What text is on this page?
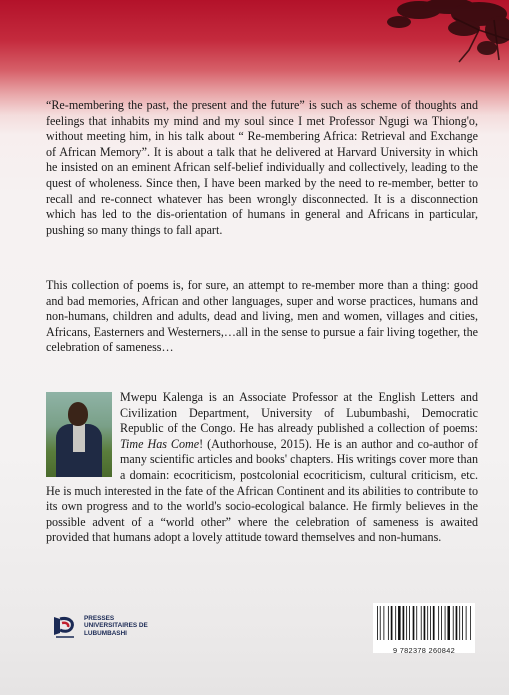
“Re-membering the past, the present and the future” is such as scheme of thoughts and feelings that inhabits my mind and my soul since I met Professor Ngugi wa Thiong'o, without meeting him, in his talk about “ Re-membering Africa: Retrieval and Exchange of African Memory”. It is about a talk that he delivered at Harvard University in which he insisted on an eminent African self-belief individually and collectively, leading to the quest of wholeness. Since then, I have been marked by the need to re-member, better to recall and re-connect whatever has been wrongly disconnected. It is a disconnection which has led to the dis-orientation of humans in general and Africans in particular, pushing so many things to fall apart.

This collection of poems is, for sure, an attempt to re-member more than a thing: good and bad memories, African and other languages, super and worse practices, humans and non-humans, children and adults, dead and living, men and women, villages and cities, Africans, Easterners and Westerners,…all in the sense to pursue a fair living together, the celebration of sameness…

Mwepu Kalenga is an Associate Professor at the English Letters and Civilization Department, University of Lubumbashi, Democratic Republic of the Congo. He has already published a collection of poems: Time Has Come! (Authorhouse, 2015). He is an author and co-author of many scientific articles and books' chapters. His writings cover more than a domain: ecocriticism, postcolonial ecocriticism, cultural criticism, etc. He is much interested in the fate of the African Continent and its abilities to contribute to its own progress and to the world's socio-ecological balance. He firmly believes in the possible advent of a “world other” where the celebration of sameness is awaited provided that humans adopt a lovely attitude toward themselves and non-humans.
PRESSES
UNIVERSITAIRES DE
LUBUMBASHI
9 782378 260842
